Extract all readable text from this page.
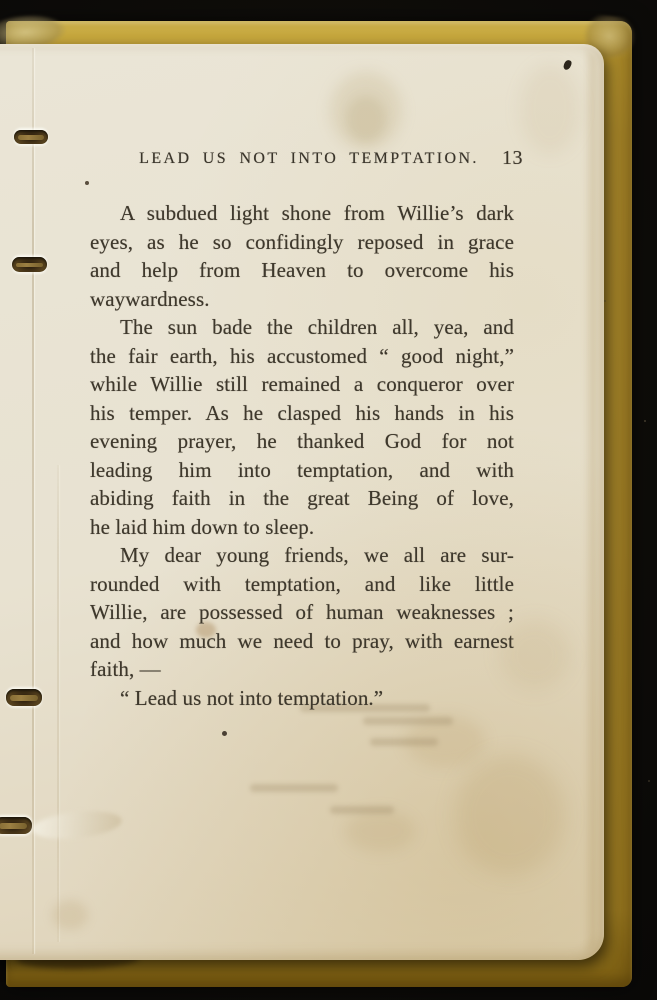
LEAD US NOT INTO TEMPTATION.	13
A subdued light shone from Willie’s dark
eyes, as he so confidingly reposed in grace
and help from Heaven to overcome his
waywardness.
The sun bade the children all, yea, and
the fair earth, his accustomed “ good night,”
while Willie still remained a conqueror over
his temper. As he clasped his hands in his
evening prayer, he thanked God for not
leading him into temptation, and with
abiding faith in the great Being of love,
he laid him down to sleep.
My dear young friends, we all are sur-
rounded with temptation, and like little
Willie, are possessed of human weaknesses ;
and how much we need to pray, with earnest
faith, —
“ Lead us not into temptation.”
